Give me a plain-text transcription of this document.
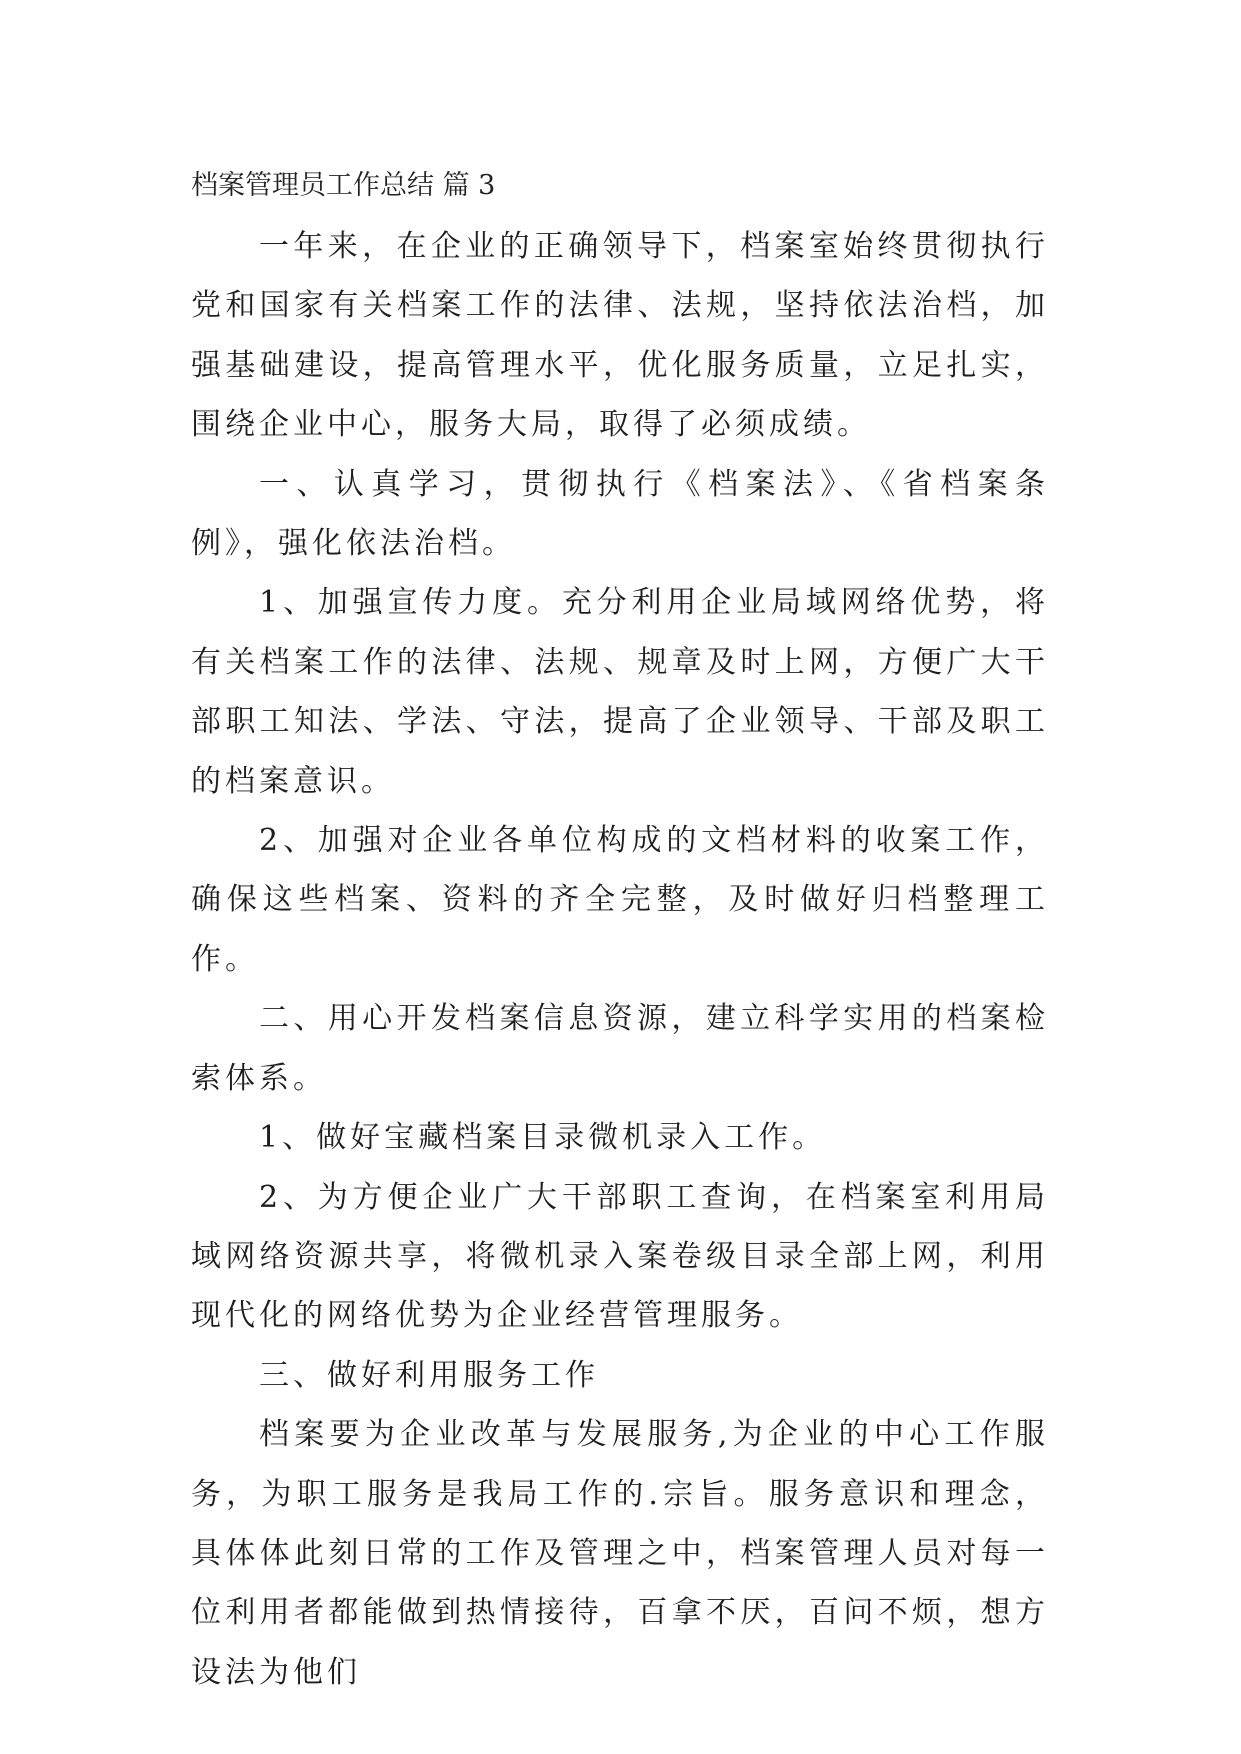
档案管理员工作总结 篇 3

一年来，在企业的正确领导下，档案室始终贯彻执行党和国家有关档案工作的法律、法规，坚持依法治档，加强基础建设，提高管理水平，优化服务质量，立足扎实，围绕企业中心，服务大局，取得了必须成绩。

一、认真学习，贯彻执行《档案法》、《省档案条例》，强化依法治档。

1、加强宣传力度。充分利用企业局域网络优势，将有关档案工作的法律、法规、规章及时上网，方便广大干部职工知法、学法、守法，提高了企业领导、干部及职工的档案意识。

2、加强对企业各单位构成的文档材料的收案工作，确保这些档案、资料的齐全完整，及时做好归档整理工作。

二、用心开发档案信息资源，建立科学实用的档案检索体系。

1、做好宝藏档案目录微机录入工作。

2、为方便企业广大干部职工查询，在档案室利用局域网络资源共享，将微机录入案卷级目录全部上网，利用现代化的网络优势为企业经营管理服务。

三、做好利用服务工作

档案要为企业改革与发展服务,为企业的中心工作服务，为职工服务是我局工作的.宗旨。服务意识和理念，具体体此刻日常的工作及管理之中，档案管理人员对每一位利用者都能做到热情接待，百拿不厌，百问不烦，想方设法为他们
